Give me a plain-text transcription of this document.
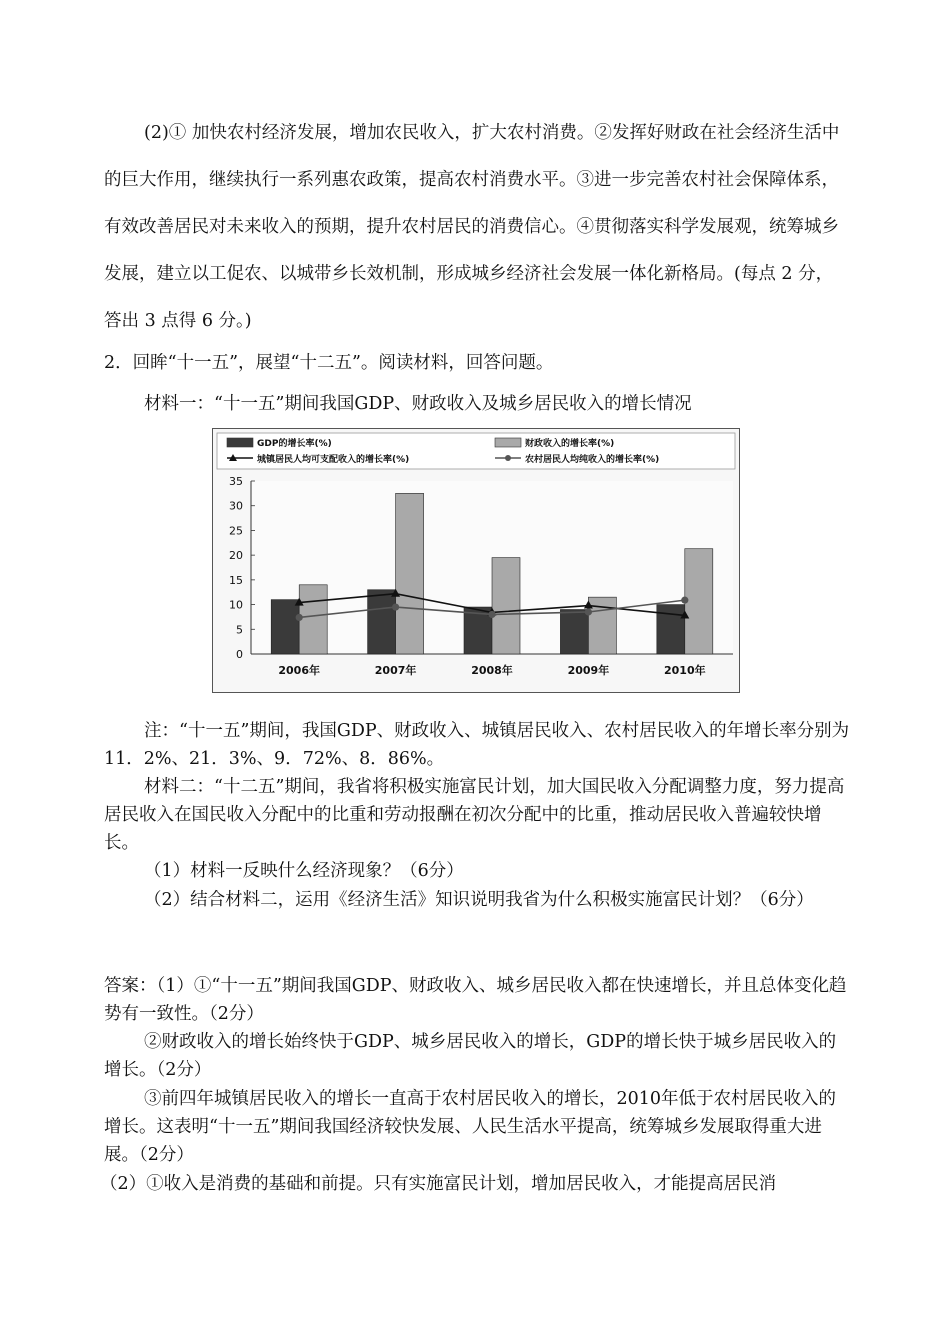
(2)① 加快农村经济发展，增加农民收入，扩大农村消费。②发挥好财政在社会经济生活中的巨大作用，继续执行一系列惠农政策，提高农村消费水平。③进一步完善农村社会保障体系，有效改善居民对未来收入的预期，提升农村居民的消费信心。④贯彻落实科学发展观，统筹城乡发展，建立以工促农、以城带乡长效机制，形成城乡经济社会发展一体化新格局。(每点 2 分，答出 3 点得 6 分。)

2．回眸“十一五”，展望“十二五”。阅读材料，回答问题。

材料一：“十一五”期间我国GDP、财政收入及城乡居民收入的增长情况

GDP的增长率(%)	财政收入的增长率(%)
城镇居民人均可支配收入的增长率(%)	农村居民人均纯收入的增长率(%)
0
5
10
15
20
25
30
35
2006年	2007年	2008年	2009年	2010年

注：“十一五”期间，我国GDP、财政收入、城镇居民收入、农村居民收入的年增长率分别为11．2%、21．3%、9．72%、8．86%。

材料二：“十二五”期间，我省将积极实施富民计划，加大国民收入分配调整力度，努力提高居民收入在国民收入分配中的比重和劳动报酬在初次分配中的比重，推动居民收入普遍较快增长。

（1）材料一反映什么经济现象？（6分）

（2）结合材料二，运用《经济生活》知识说明我省为什么积极实施富民计划？（6分）

答案：（1）①“十一五”期间我国GDP、财政收入、城乡居民收入都在快速增长，并且总体变化趋势有一致性。（2分）

②财政收入的增长始终快于GDP、城乡居民收入的增长，GDP的增长快于城乡居民收入的增长。（2分）

③前四年城镇居民收入的增长一直高于农村居民收入的增长，2010年低于农村居民收入的增长。这表明“十一五”期间我国经济较快发展、人民生活水平提高，统筹城乡发展取得重大进展。（2分）

（2）①收入是消费的基础和前提。只有实施富民计划，增加居民收入，才能提高居民消
